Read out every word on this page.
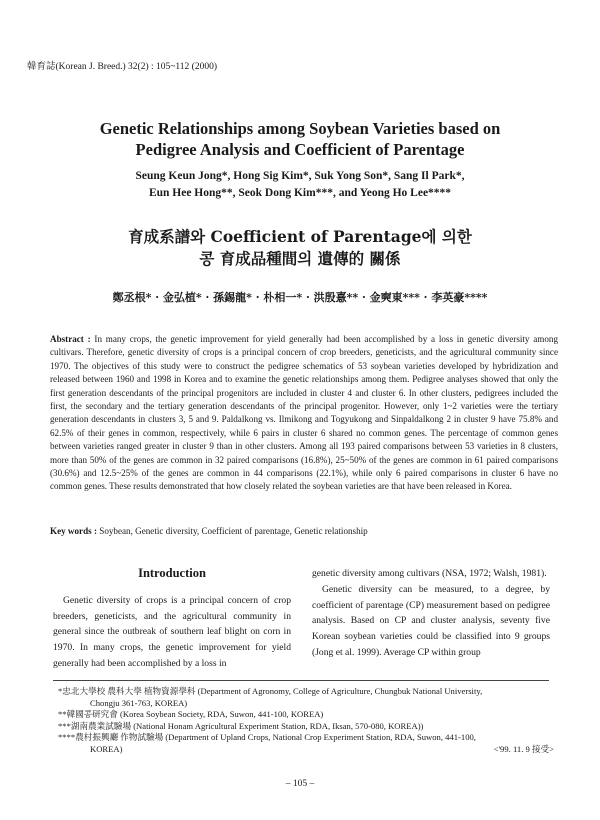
韓育誌(Korean J. Breed.) 32(2) : 105~112 (2000)
Genetic Relationships among Soybean Varieties based on
Pedigree Analysis and Coefficient of Parentage
Seung Keun Jong*, Hong Sig Kim*, Suk Yong Son*, Sang Il Park*,
Eun Hee Hong**, Seok Dong Kim***, and Yeong Ho Lee****
育成系譜와 Coefficient of Parentage에 의한
콩 育成品種間의 遺傳的 關係
鄭丞根* · 金弘植* · 孫錫龍* · 朴相一* · 洪殷憙** · 金奭東*** · 李英豪****

Abstract : In many crops, the genetic improvement for yield generally had been accomplished by a loss in genetic diversity among cultivars. Therefore, genetic diversity of crops is a principal concern of crop breeders, geneticists, and the agricultural community since 1970. The objectives of this study were to construct the pedigree schematics of 53 soybean varieties developed by hybridization and released between 1960 and 1998 in Korea and to examine the genetic relationships among them. Pedigree analyses showed that only the first generation descendants of the principal progenitors are included in cluster 4 and cluster 6. In other clusters, pedigrees included the first, the secondary and the tertiary generation descendants of the principal progenitor. However, only 1~2 varieties were the tertiary generation descendants in clusters 3, 5 and 9. Paldalkong vs. Ilmikong and Togyukong and Sinpaldalkong 2 in cluster 9 have 75.8% and 62.5% of their genes in common, respectively, while 6 pairs in cluster 6 shared no common genes. The percentage of common genes between varieties ranged greater in cluster 9 than in other clusters. Among all 193 paired comparisons between 53 varieties in 8 clusters, more than 50% of the genes are common in 32 paired comparisons (16.8%), 25~50% of the genes are common in 61 paired comparisons (30.6%) and 12.5~25% of the genes are common in 44 comparisons (22.1%), while only 6 paired comparisons in cluster 6 have no common genes. These results demonstrated that how closely related the soybean varieties are that have been released in Korea.

Key words : Soybean, Genetic diversity, Coefficient of parentage, Genetic relationship

Introduction

Genetic diversity of crops is a principal concern of crop breeders, geneticists, and the agricultural community in general since the outbreak of southern leaf blight on corn in 1970. In many crops, the genetic improvement for yield generally had been accomplished by a loss in

genetic diversity among cultivars (NSA, 1972; Walsh, 1981).

Genetic diversity can be measured, to a degree, by coefficient of parentage (CP) measurement based on pedigree analysis. Based on CP and cluster analysis, seventy five Korean soybean varieties could be classified into 9 groups (Jong et al. 1999). Average CP within group

*忠北大學校 農科大學 植物資源學科 (Department of Agronomy, College of Agriculture, Chungbuk National University,
Chongju 361-763, KOREA)
**韓國콩研究會 (Korea Soybean Society, RDA, Suwon, 441-100, KOREA)
***湖南農業試驗場 (National Honam Agricultural Experiment Station, RDA, Iksan, 570-080, KOREA))
****農村振興廳 作物試驗場 (Department of Upland Crops, National Crop Experiment Station, RDA, Suwon, 441-100,
<'99. 11. 9 接受>
KOREA)
– 105 –
